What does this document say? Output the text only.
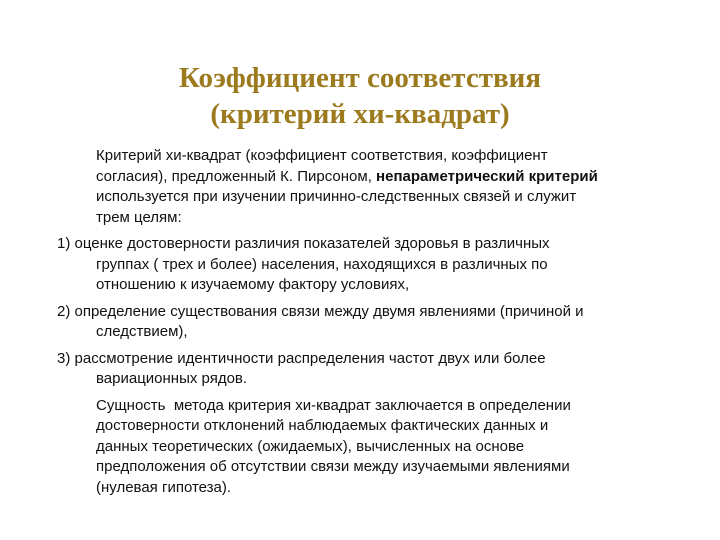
Коэффициент соответствия
(критерий хи-квадрат)
Критерий хи-квадрат (коэффициент соответствия, коэффициент
согласия), предложенный К. Пирсоном, непараметрический критерий
используется при изучении причинно-следственных связей и служит
трем целям:
1) оценке достоверности различия показателей здоровья в различных
группах ( трех и более) населения, находящихся в различных по
отношению к изучаемому фактору условиях,
2) определение существования связи между двумя явлениями (причиной и
следствием),
3) рассмотрение идентичности распределения частот двух или более
вариационных рядов.
Сущность  метода критерия хи-квадрат заключается в определении
достоверности отклонений наблюдаемых фактических данных и
данных теоретических (ожидаемых), вычисленных на основе
предположения об отсутствии связи между изучаемыми явлениями
(нулевая гипотеза).
